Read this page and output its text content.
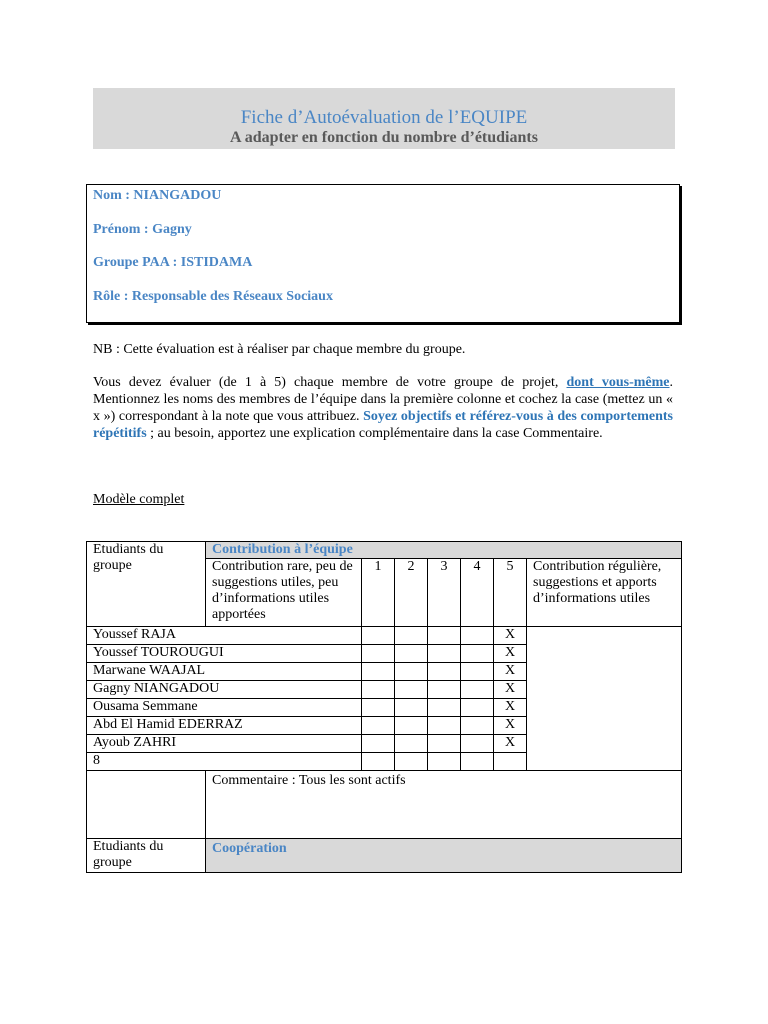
Fiche d’Autoévaluation de l’EQUIPE
A adapter en fonction du nombre d’étudiants
Nom : NIANGADOU
Prénom : Gagny
Groupe PAA : ISTIDAMA
Rôle : Responsable des Réseaux Sociaux
NB : Cette évaluation est à réaliser par chaque membre du groupe.
Vous devez évaluer (de 1 à 5) chaque membre de votre groupe de projet, dont vous-même. Mentionnez les noms des membres de l’équipe dans la première colonne et cochez la case (mettez un « x ») correspondant à la note que vous attribuez. Soyez objectifs et référez-vous à des comportements répétitifs ; au besoin, apportez une explication complémentaire dans la case Commentaire.
Modèle complet
Etudiants du groupe	Contribution à l’équipe						
	Contribution rare, peu de suggestions utiles, peu d’informations utiles apportées	1	2	3	4	5	Contribution régulière, suggestions et apports d’informations utiles
Youssef RAJA						X	
Youssef TOUROUGUI						X	
Marwane WAAJAL						X	
Gagny NIANGADOU						X	
Ousama Semmane						X	
Abd El Hamid EDERRAZ						X	
Ayoub ZAHRI						X	
8							
	Commentaire : Tous les sont actifs						
Etudiants du groupe	Coopération						
